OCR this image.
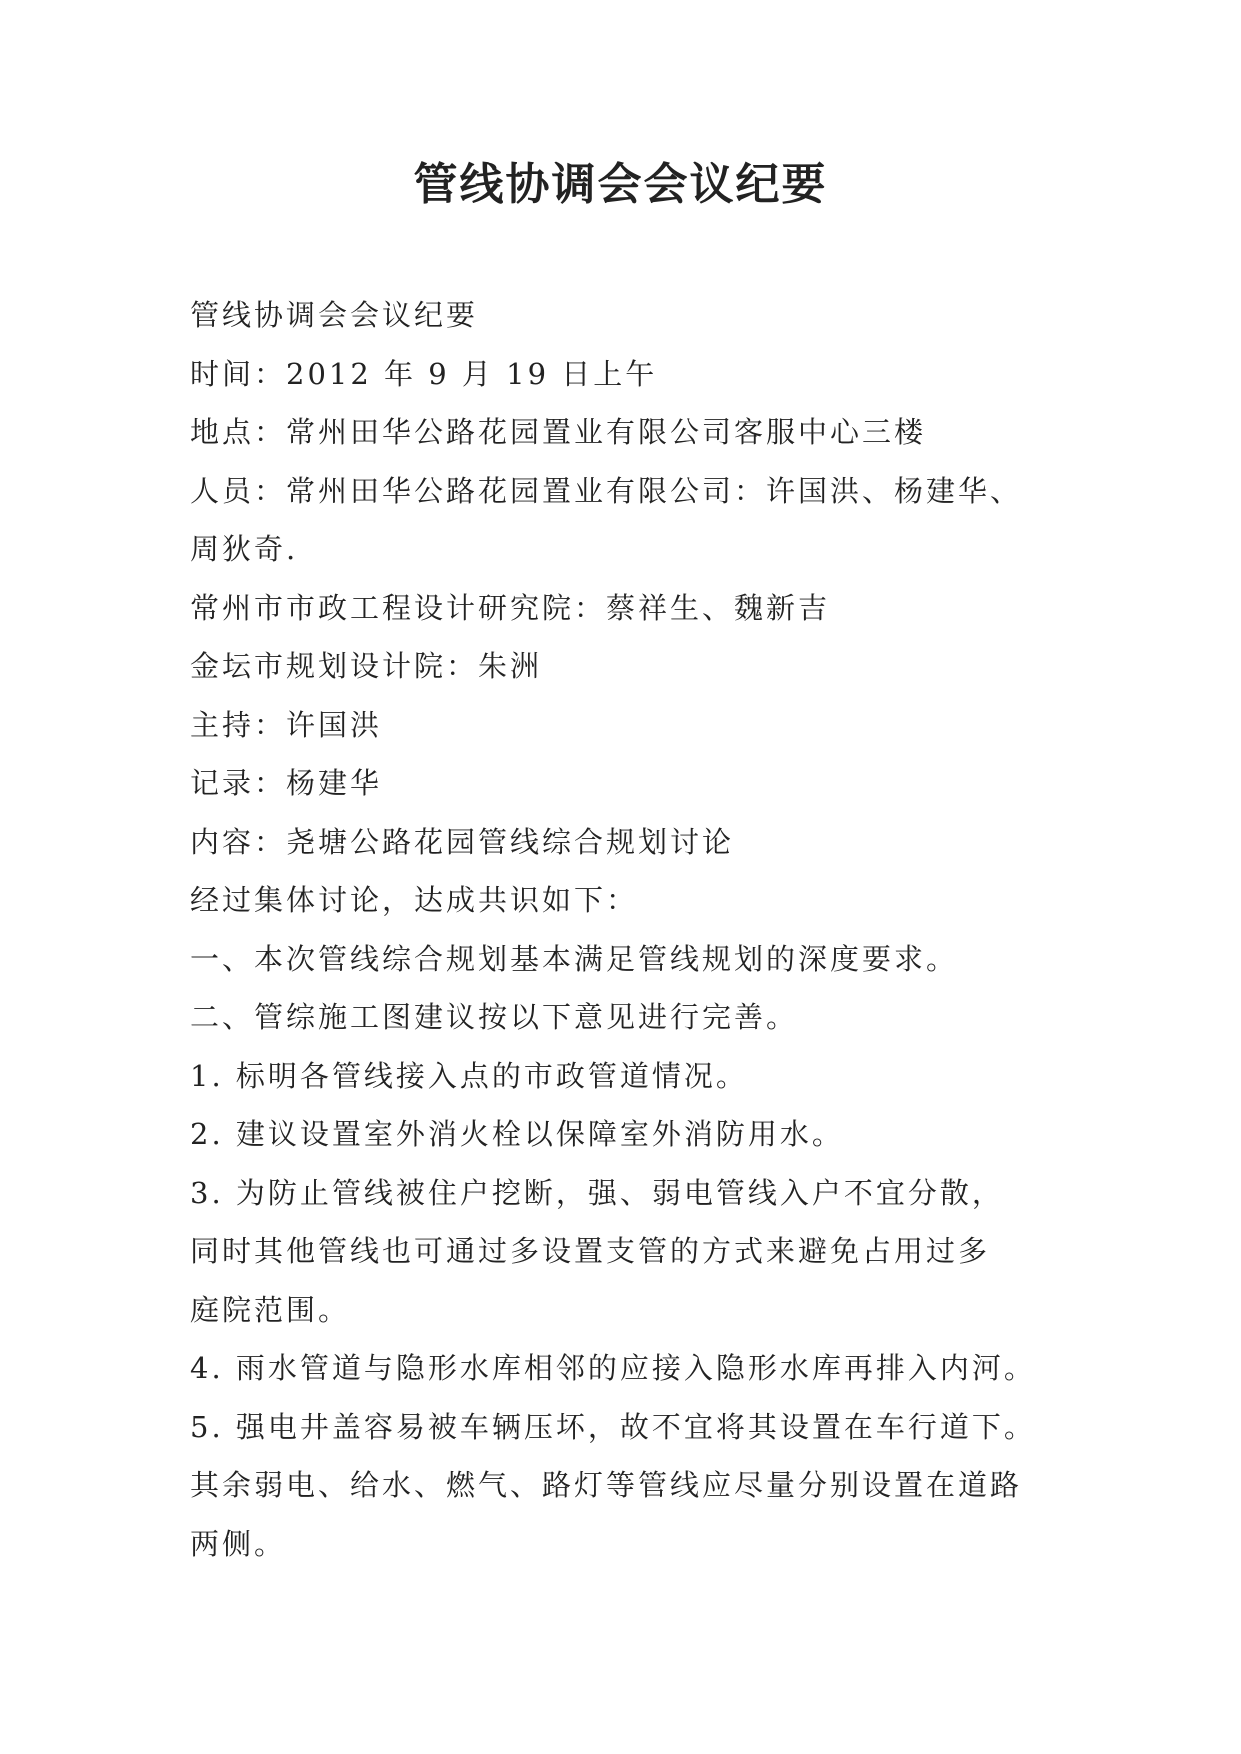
管线协调会会议纪要
管线协调会会议纪要
时间：2012 年 9 月 19 日上午
地点：常州田华公路花园置业有限公司客服中心三楼
人员：常州田华公路花园置业有限公司：许国洪、杨建华、
周狄奇.
常州市市政工程设计研究院：蔡祥生、魏新吉
金坛市规划设计院：朱洲
主持：许国洪
记录：杨建华
内容：尧塘公路花园管线综合规划讨论
经过集体讨论，达成共识如下：
一、本次管线综合规划基本满足管线规划的深度要求。
二、管综施工图建议按以下意见进行完善。
1. 标明各管线接入点的市政管道情况。
2. 建议设置室外消火栓以保障室外消防用水。
3. 为防止管线被住户挖断，强、弱电管线入户不宜分散，
同时其他管线也可通过多设置支管的方式来避免占用过多
庭院范围。
4. 雨水管道与隐形水库相邻的应接入隐形水库再排入内河。
5. 强电井盖容易被车辆压坏，故不宜将其设置在车行道下。
其余弱电、给水、燃气、路灯等管线应尽量分别设置在道路
两侧。
